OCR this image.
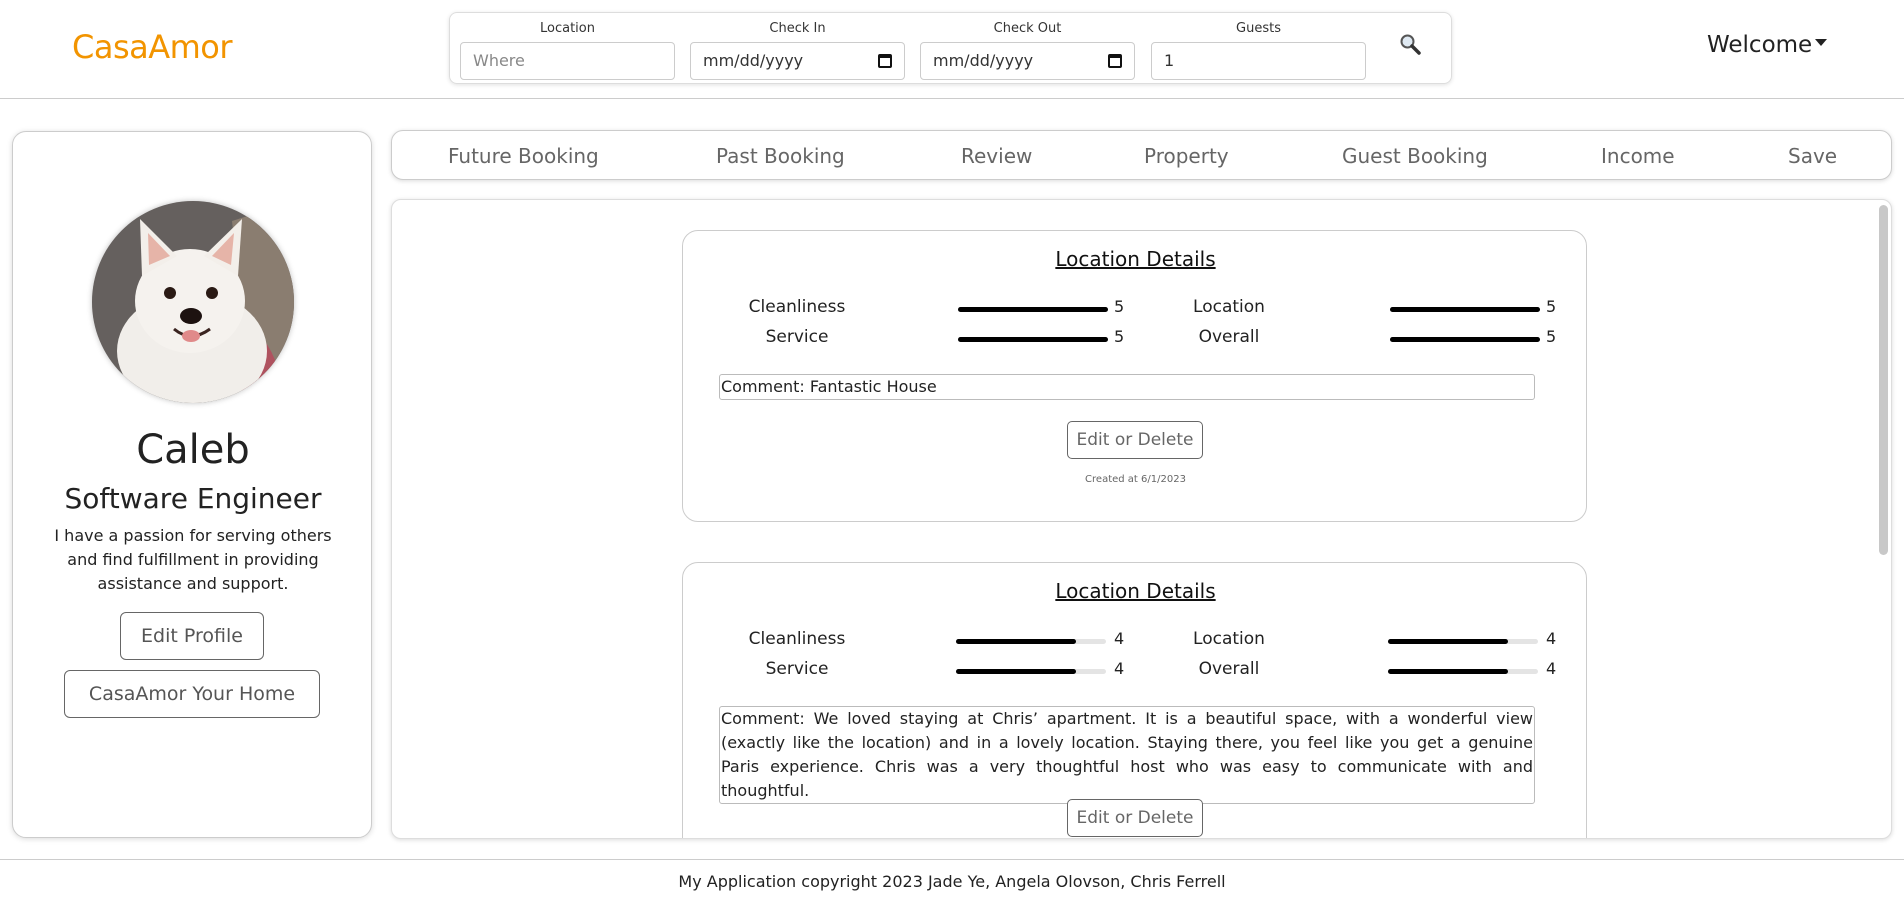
CasaAmor	Location
Where
Check In
mm/dd/yyyy
Check Out
mm/dd/yyyy
Guests
1
Welcome
Caleb
Software Engineer
I have a passion for serving others and find fulfillment in providing assistance and support.
Edit Profile
CasaAmor Your Home
Future Booking	Past Booking	Review	Property	Guest Booking	Income	Save
Location Details
Cleanliness	5	Location	5
Service	5	Overall	5
Comment: Fantastic House
Edit or Delete
Created at 6/1/2023
Location Details
Cleanliness	4	Location	4
Service	4	Overall	4
Comment: We loved staying at Chris’ apartment. It is a beautiful space, with a wonderful view (exactly like the location) and in a lovely location. Staying there, you feel like you get a genuine Paris experience. Chris was a very thoughtful host who was easy to communicate with and thoughtful.
Edit or Delete
My Application copyright 2023 Jade Ye, Angela Olovson, Chris Ferrell
